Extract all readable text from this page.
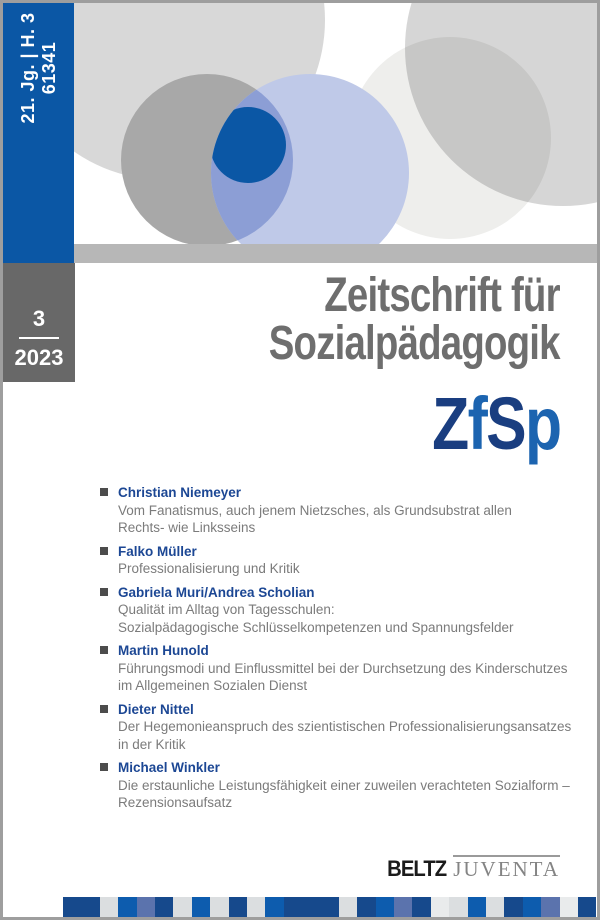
21. Jg. | H. 3 61341
3
2023
Zeitschrift für
Sozialpädagogik
ZfSp
Christian Niemeyer
Vom Fanatismus, auch jenem Nietzsches, als Grundsubstrat allen
Rechts- wie Linksseins
Falko Müller
Professionalisierung und Kritik
Gabriela Muri/Andrea Scholian
Qualität im Alltag von Tagesschulen:
Sozialpädagogische Schlüsselkompetenzen und Spannungsfelder
Martin Hunold
Führungsmodi und Einflussmittel bei der Durchsetzung des Kinderschutzes
im Allgemeinen Sozialen Dienst
Dieter Nittel
Der Hegemonieanspruch des szientistischen Professionalisierungsansatzes
in der Kritik
Michael Winkler
Die erstaunliche Leistungsfähigkeit einer zuweilen verachteten Sozialform –
Rezensionsaufsatz
BELTZ JUVENTA
